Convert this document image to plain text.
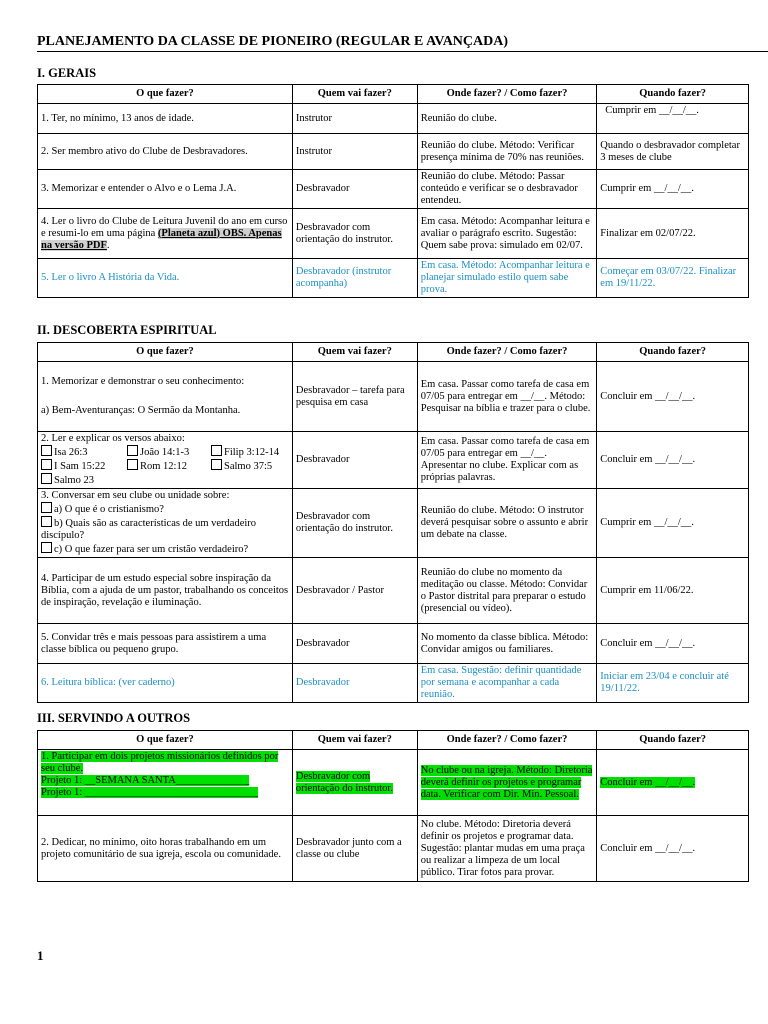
PLANEJAMENTO DA CLASSE DE PIONEIRO (REGULAR E AVANÇADA)
I. GERAIS
O que fazer?	Quem vai fazer?	Onde fazer? / Como fazer?	Quando fazer?
1. Ter, no mínimo, 13 anos de idade.	Instrutor	Reunião do clube.	Cumprir em __/__/__.
2. Ser membro ativo do Clube de Desbravadores.	Instrutor	Reunião do clube. Método: Verificar presença mínima de 70% nas reuniões.	Quando o desbravador completar 3 meses de clube
3. Memorizar e entender o Alvo e o Lema J.A.	Desbravador	Reunião do clube. Método: Passar conteúdo e verificar se o desbravador entendeu.	Cumprir em __/__/__.
4. Ler o livro do Clube de Leitura Juvenil do ano em curso e resumi-lo em uma página (Planeta azul) OBS. Apenas na versão PDF.	Desbravador com orientação do instrutor.	Em casa. Método: Acompanhar leitura e avaliar o parágrafo escrito. Sugestão: Quem sabe prova: simulado em 02/07.	Finalizar em 02/07/22.
5. Ler o livro A História da Vida.	Desbravador (instrutor acompanha)	Em casa. Método: Acompanhar leitura e planejar simulado estilo quem sabe prova.	Começar em 03/07/22. Finalizar em 19/11/22.
II. DESCOBERTA ESPIRITUAL
O que fazer?	Quem vai fazer?	Onde fazer? / Como fazer?	Quando fazer?

1. Memorizar e demonstrar o seu conhecimento:
a) Bem-Aventuranças: O Sermão da Montanha.	Desbravador – tarefa para pesquisa em casa	Em casa. Passar como tarefa de casa em 07/05 para entregar em __/__. Método: Pesquisar na bíblia e trazer para o clube.	Concluir em __/__/__.

2. Ler e explicar os versos abaixo:
Isa 26:3 João 14:1-3 Filip 3:12-14
I Sam 15:22 Rom 12:12 Salmo 37:5
Salmo 23	Desbravador	Em casa. Passar como tarefa de casa em 07/05 para entregar em __/__. Apresentar no clube. Explicar com as próprias palavras.	Concluir em __/__/__.

3. Conversar em seu clube ou unidade sobre:
a) O que é o cristianismo?
b) Quais são as características de um verdadeiro discípulo?
c) O que fazer para ser um cristão verdadeiro?	Desbravador com orientação do instrutor.	Reunião do clube. Método: O instrutor deverá pesquisar sobre o assunto e abrir um debate na classe.	Cumprir em __/__/__.
4. Participar de um estudo especial sobre inspiração da Bíblia, com a ajuda de um pastor, trabalhando os conceitos de inspiração, revelação e iluminação.	Desbravador / Pastor	Reunião do clube no momento da meditação ou classe. Método: Convidar o Pastor distrital para preparar o estudo (presencial ou vídeo).	Cumprir em 11/06/22.
5. Convidar três e mais pessoas para assistirem a uma classe bíblica ou pequeno grupo.	Desbravador	No momento da classe bíblica. Método: Convidar amigos ou familiares.	Concluir em __/__/__.
6. Leitura bíblica: (ver caderno)	Desbravador	Em casa. Sugestão: definir quantidade por semana e acompanhar a cada reunião.	Iniciar em 23/04 e concluir até 19/11/22.
III. SERVINDO A OUTROS
O que fazer?	Quem vai fazer?	Onde fazer? / Como fazer?	Quando fazer?
1. Participar em dois projetos missionários definidos por seu clube.
Projeto 1: __SEMANA SANTA______________
Projeto 1: _________________________________	Desbravador com orientação do instrutor.	No clube ou na igreja. Método: Diretoria deverá definir os projetos e programar data. Verificar com Dir. Min. Pessoal.	Concluir em __/__/__.
2. Dedicar, no mínimo, oito horas trabalhando em um projeto comunitário de sua igreja, escola ou comunidade.	Desbravador junto com a classe ou clube	No clube. Método: Diretoria deverá definir os projetos e programar data. Sugestão: plantar mudas em uma praça ou realizar a limpeza de um local público. Tirar fotos para provar.	Concluir em __/__/__.
1
